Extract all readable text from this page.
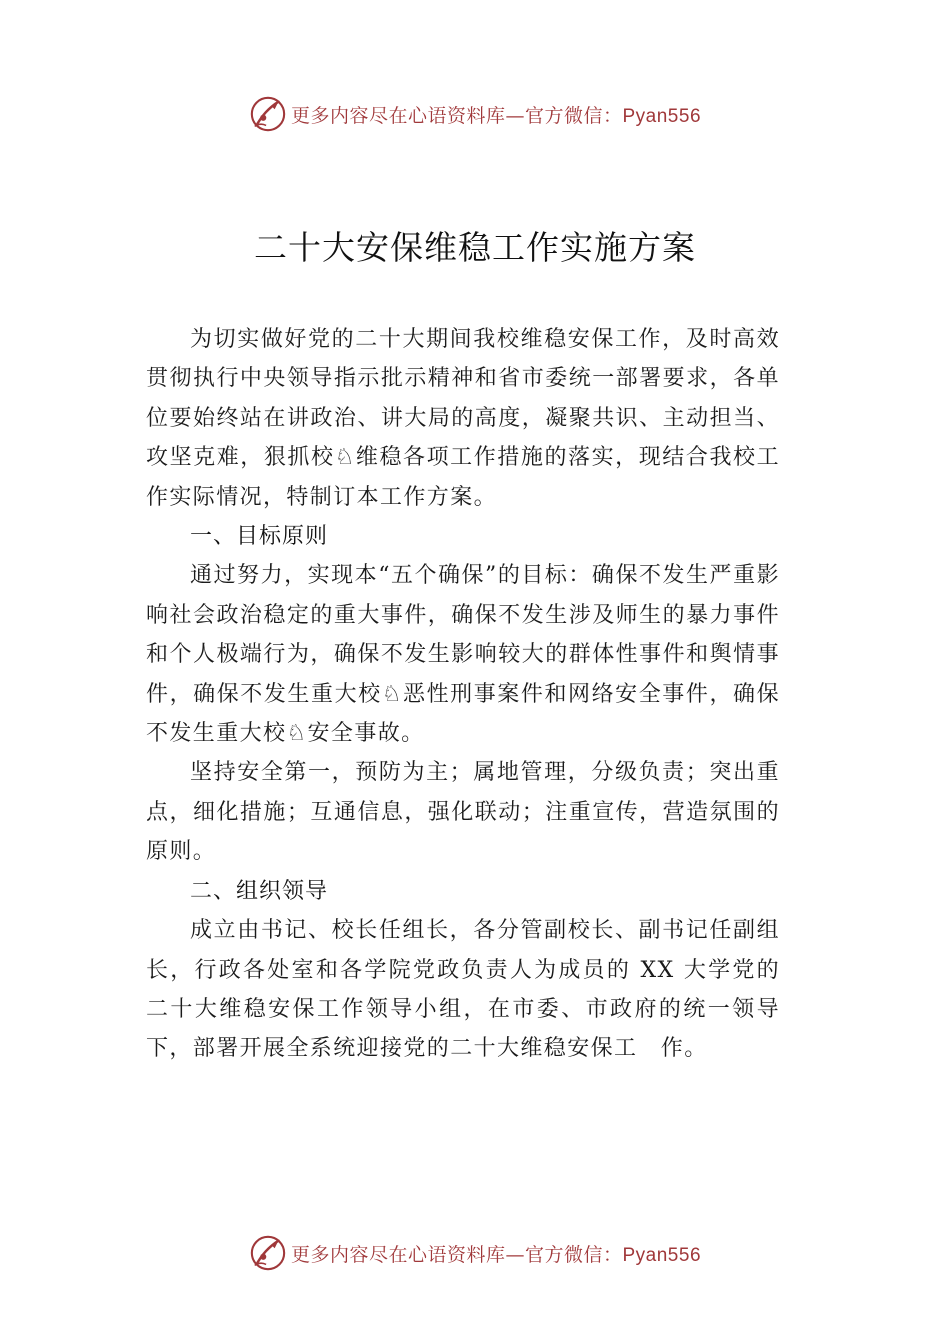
更多内容尽在心语资料库—官方微信：Pyan556
二十大安保维稳工作实施方案

为切实做好党的二十大期间我校维稳安保工作，及时高效贯彻执行中央领导指示批示精神和省市委统一部署要求，各单位要始终站在讲政治、讲大局的高度，凝聚共识、主动担当、攻坚克难，狠抓校♘维稳各项工作措施的落实，现结合我校工作实际情况，特制订本工作方案。

一、目标原则

通过努力，实现本“五个确保”的目标：确保不发生严重影响社会政治稳定的重大事件，确保不发生涉及师生的暴力事件和个人极端行为，确保不发生影响较大的群体性事件和舆情事件，确保不发生重大校♘恶性刑事案件和网络安全事件，确保不发生重大校♘安全事故。

坚持安全第一，预防为主；属地管理，分级负责；突出重点，细化措施；互通信息，强化联动；注重宣传，营造氛围的原则。

二、组织领导

成立由书记、校长任组长，各分管副校长、副书记任副组长，行政各处室和各学院党政负责人为成员的 XX 大学党的二十大维稳安保工作领导小组，在市委、市政府的统一领导下，部署开展全系统迎接党的二十大维稳安保工　作。

更多内容尽在心语资料库—官方微信：Pyan556
